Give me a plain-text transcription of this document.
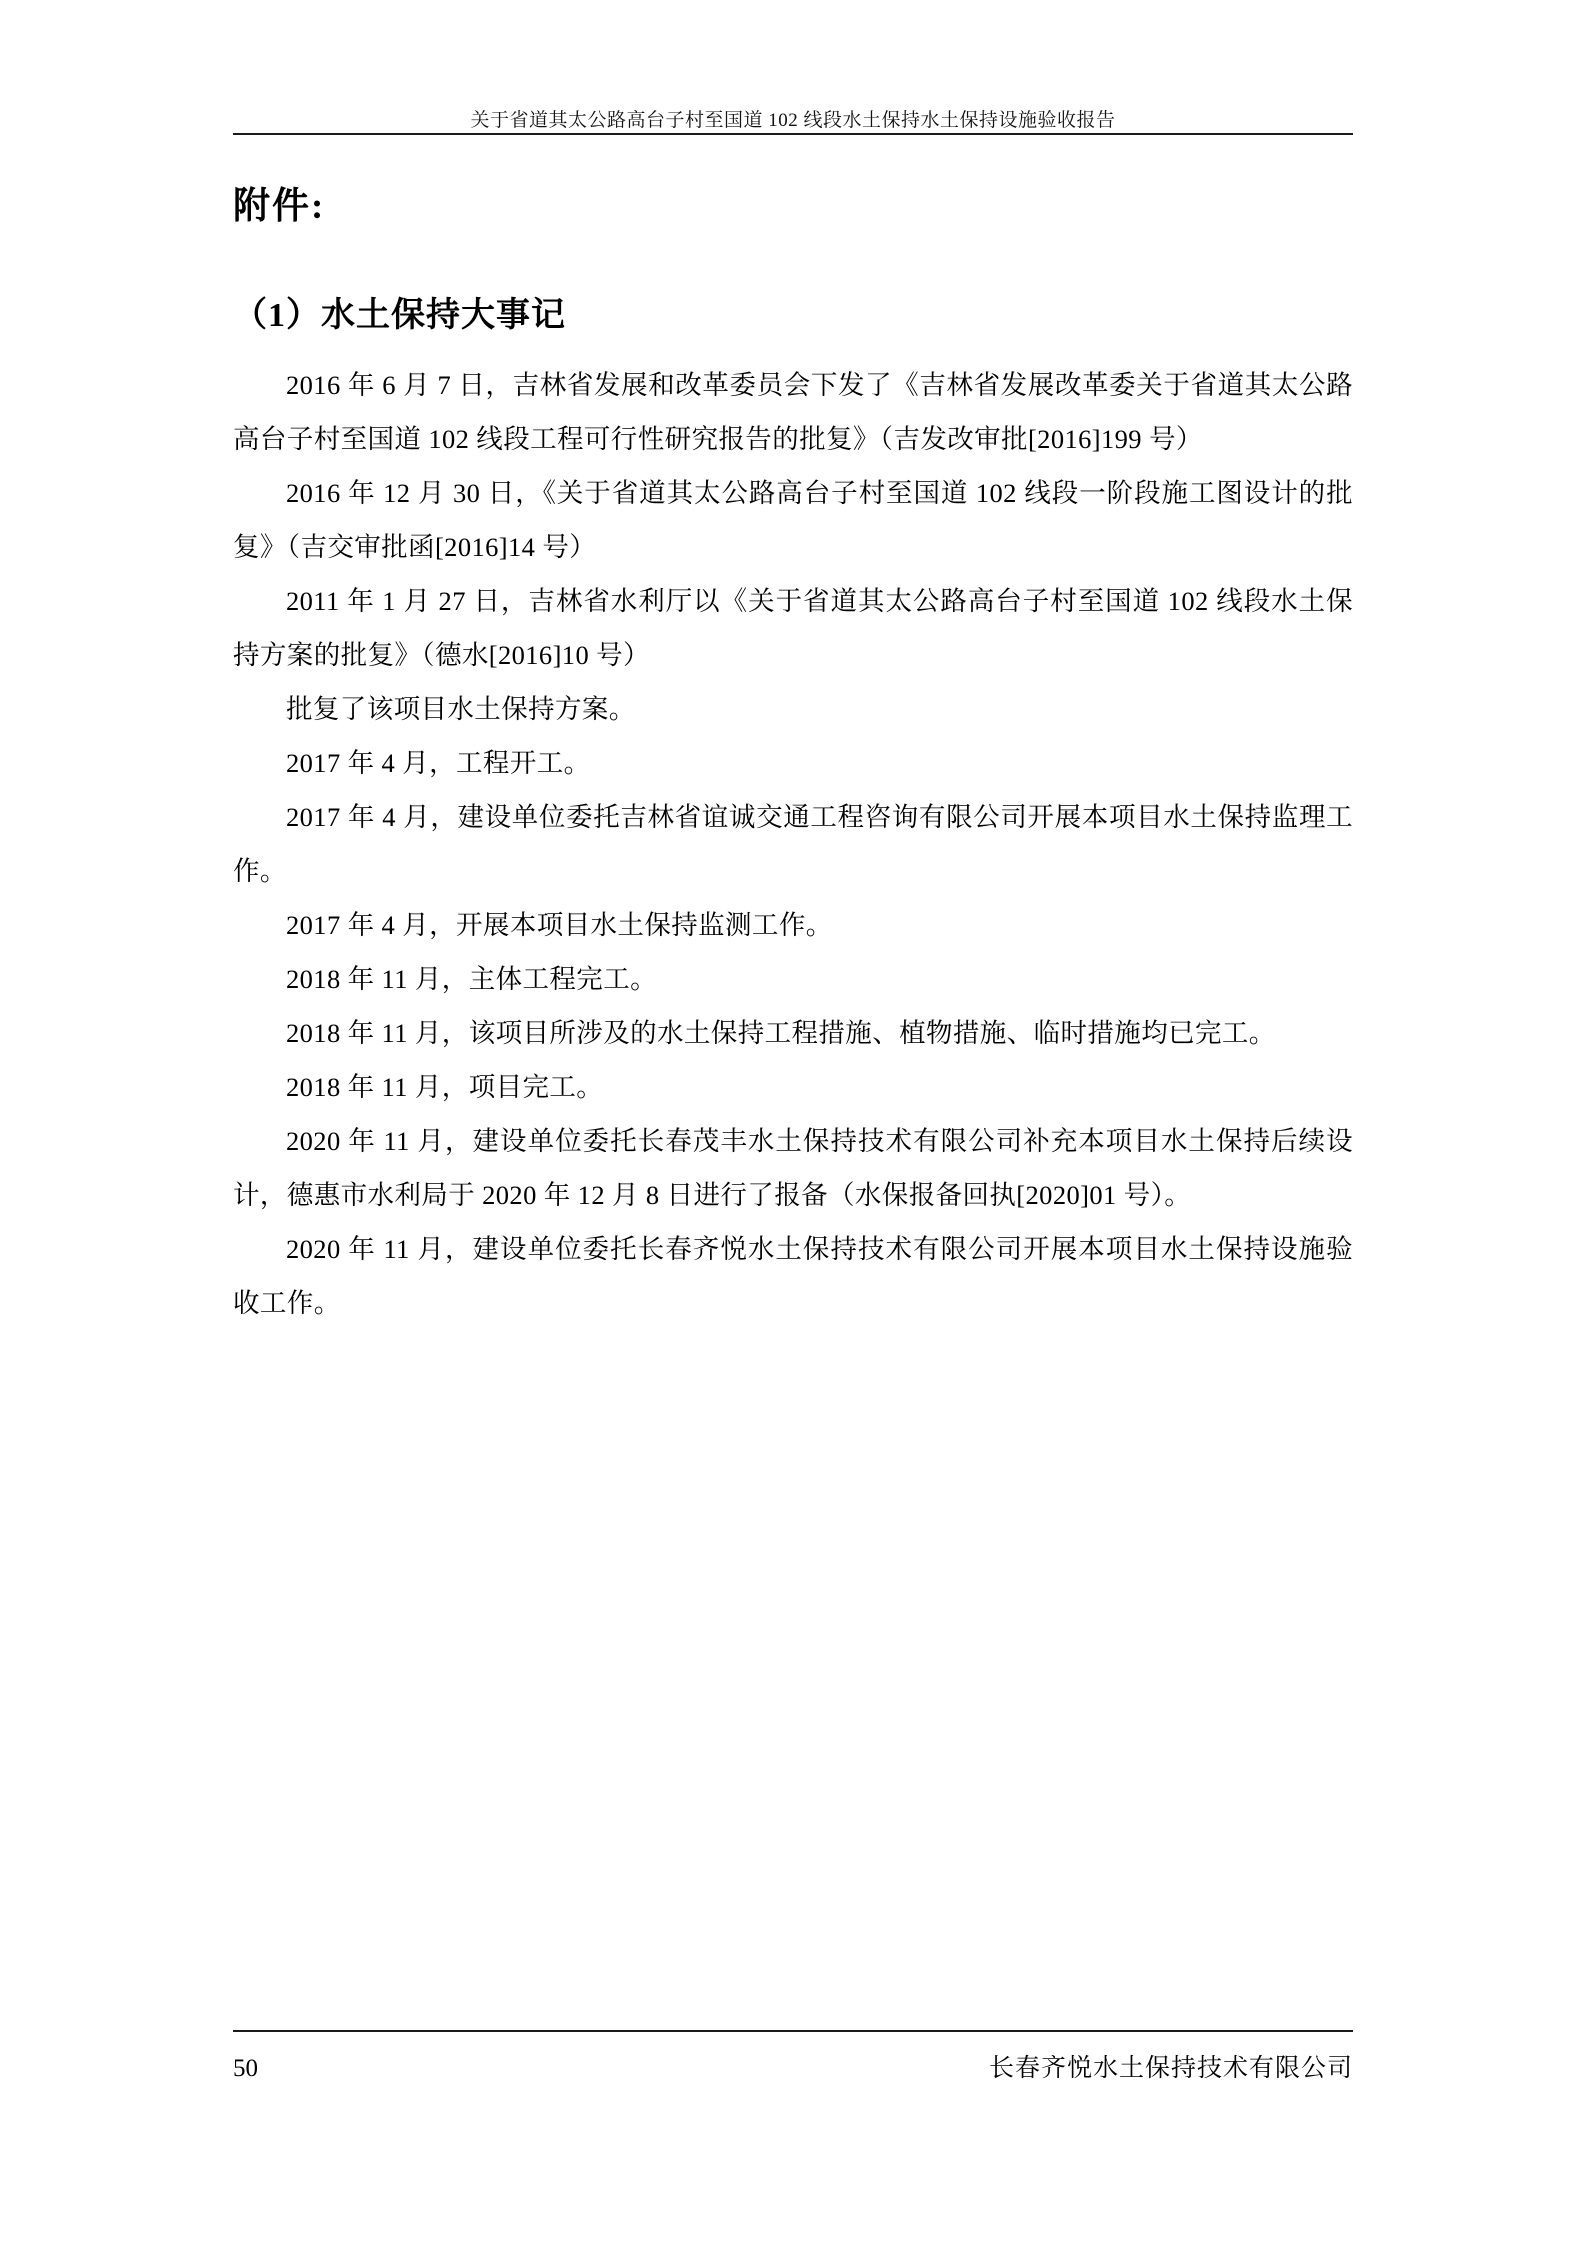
关于省道其太公路高台子村至国道 102 线段水土保持水土保持设施验收报告
附件:
（1）水土保持大事记

2016 年 6 月 7 日，吉林省发展和改革委员会下发了《吉林省发展改革委关于省道其太公路高台子村至国道 102 线段工程可行性研究报告的批复》（吉发改审批[2016]199 号）

2016 年 12 月 30 日，《关于省道其太公路高台子村至国道 102 线段一阶段施工图设计的批复》（吉交审批函[2016]14 号）

2011 年 1 月 27 日，吉林省水利厅以《关于省道其太公路高台子村至国道 102 线段水土保持方案的批复》（德水[2016]10 号）

批复了该项目水土保持方案。

2017 年 4 月，工程开工。

2017 年 4 月，建设单位委托吉林省谊诚交通工程咨询有限公司开展本项目水土保持监理工作。

2017 年 4 月，开展本项目水土保持监测工作。

2018 年 11 月，主体工程完工。

2018 年 11 月，该项目所涉及的水土保持工程措施、植物措施、临时措施均已完工。

2018 年 11 月，项目完工。

2020 年 11 月，建设单位委托长春茂丰水土保持技术有限公司补充本项目水土保持后续设计，德惠市水利局于 2020 年 12 月 8 日进行了报备（水保报备回执[2020]01 号）。

2020 年 11 月，建设单位委托长春齐悦水土保持技术有限公司开展本项目水土保持设施验收工作。

50	长春齐悦水土保持技术有限公司
